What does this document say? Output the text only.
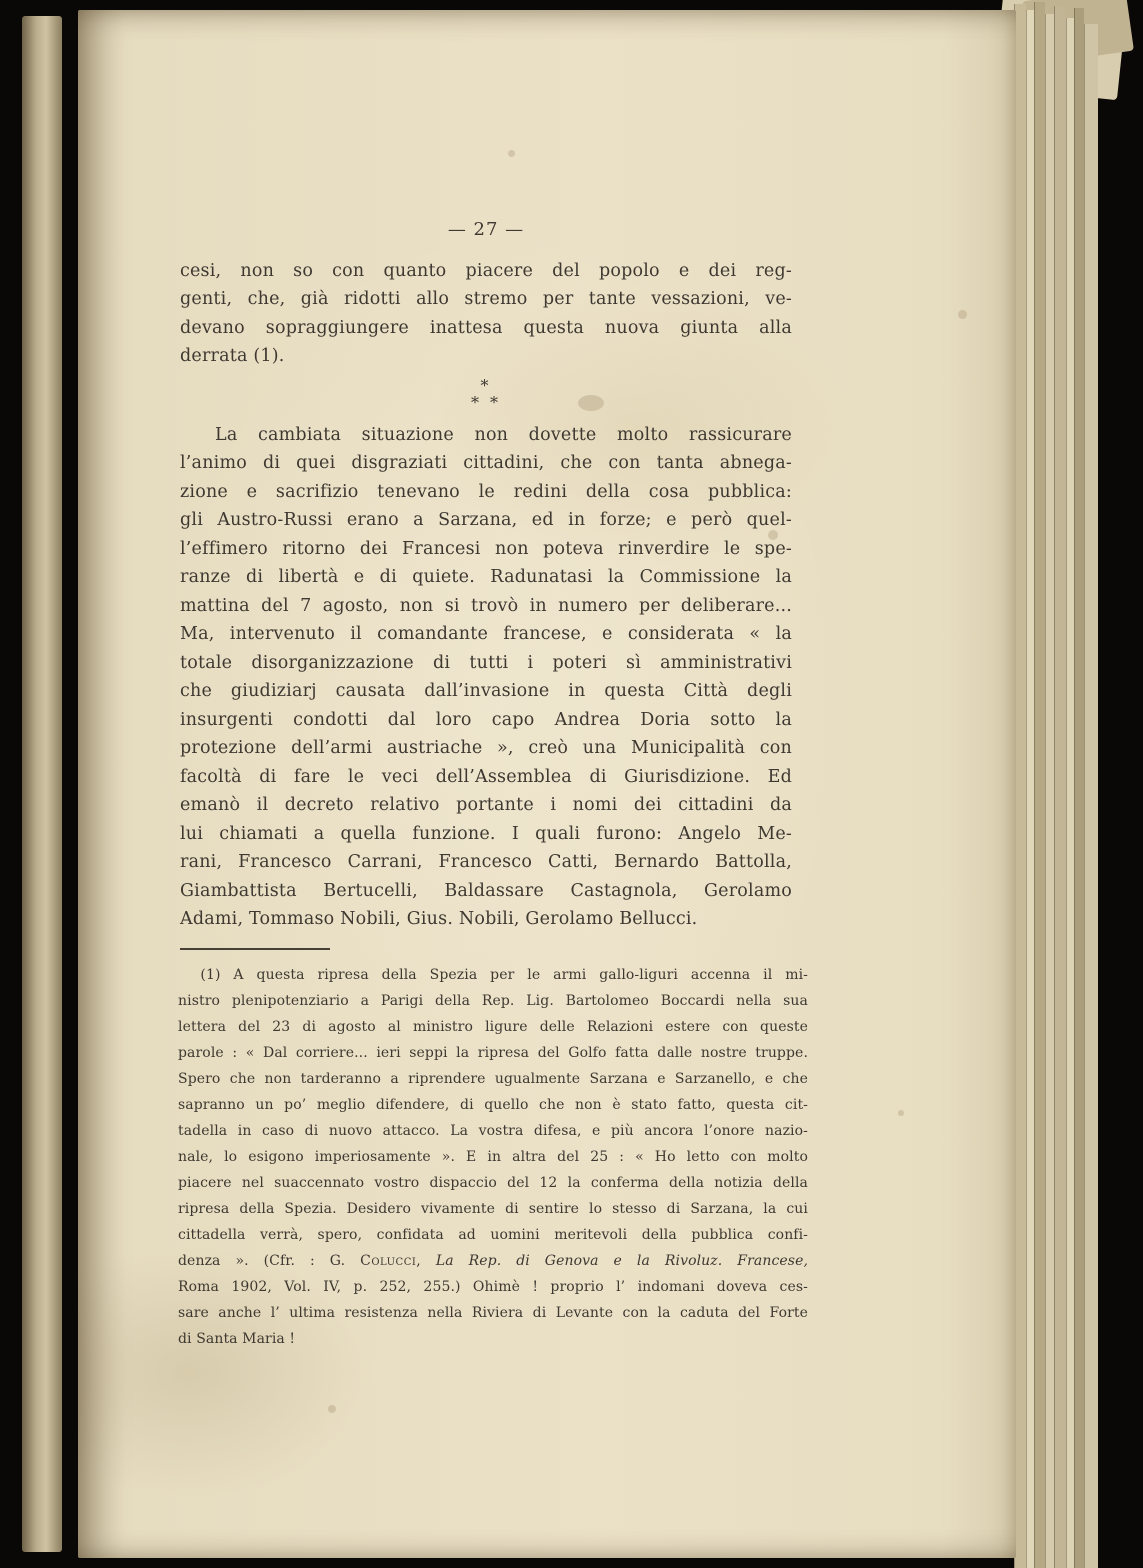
— 27 —
cesi, non so con quanto piacere del popolo e dei reg-
genti, che, già ridotti allo stremo per tante vessazioni, ve-
devano sopraggiungere inattesa questa nuova giunta alla
derrata (1).
*
* *
La cambiata situazione non dovette molto rassicurare
l’animo di quei disgraziati cittadini, che con tanta abnega-
zione e sacrifizio tenevano le redini della cosa pubblica:
gli Austro-Russi erano a Sarzana, ed in forze; e però quel-
l’effimero ritorno dei Francesi non poteva rinverdire le spe-
ranze di libertà e di quiete. Radunatasi la Commissione la
mattina del 7 agosto, non si trovò in numero per deliberare...
Ma, intervenuto il comandante francese, e considerata « la
totale disorganizzazione di tutti i poteri sì amministrativi
che giudiziarj causata dall’invasione in questa Città degli
insurgenti condotti dal loro capo Andrea Doria sotto la
protezione dell’armi austriache », creò una Municipalità con
facoltà di fare le veci dell’Assemblea di Giurisdizione. Ed
emanò il decreto relativo portante i nomi dei cittadini da
lui chiamati a quella funzione. I quali furono: Angelo Me-
rani, Francesco Carrani, Francesco Catti, Bernardo Battolla,
Giambattista Bertucelli, Baldassare Castagnola, Gerolamo
Adami, Tommaso Nobili, Gius. Nobili, Gerolamo Bellucci.
(1) A questa ripresa della Spezia per le armi gallo-liguri accenna il mi-
nistro plenipotenziario a Parigi della Rep. Lig. Bartolomeo Boccardi nella sua
lettera del 23 di agosto al ministro ligure delle Relazioni estere con queste
parole : « Dal corriere... ieri seppi la ripresa del Golfo fatta dalle nostre truppe.
Spero che non tarderanno a riprendere ugualmente Sarzana e Sarzanello, e che
sapranno un po’ meglio difendere, di quello che non è stato fatto, questa cit-
tadella in caso di nuovo attacco. La vostra difesa, e più ancora l’onore nazio-
nale, lo esigono imperiosamente ». E in altra del 25 : « Ho letto con molto
piacere nel suaccennato vostro dispaccio del 12 la conferma della notizia della
ripresa della Spezia. Desidero vivamente di sentire lo stesso di Sarzana, la cui
cittadella verrà, spero, confidata ad uomini meritevoli della pubblica confi-
denza ». (Cfr. : G. Colucci, La Rep. di Genova e la Rivoluz. Francese,
Roma 1902, Vol. IV, p. 252, 255.) Ohimè ! proprio l’ indomani doveva ces-
sare anche l’ ultima resistenza nella Riviera di Levante con la caduta del Forte
di Santa Maria !
